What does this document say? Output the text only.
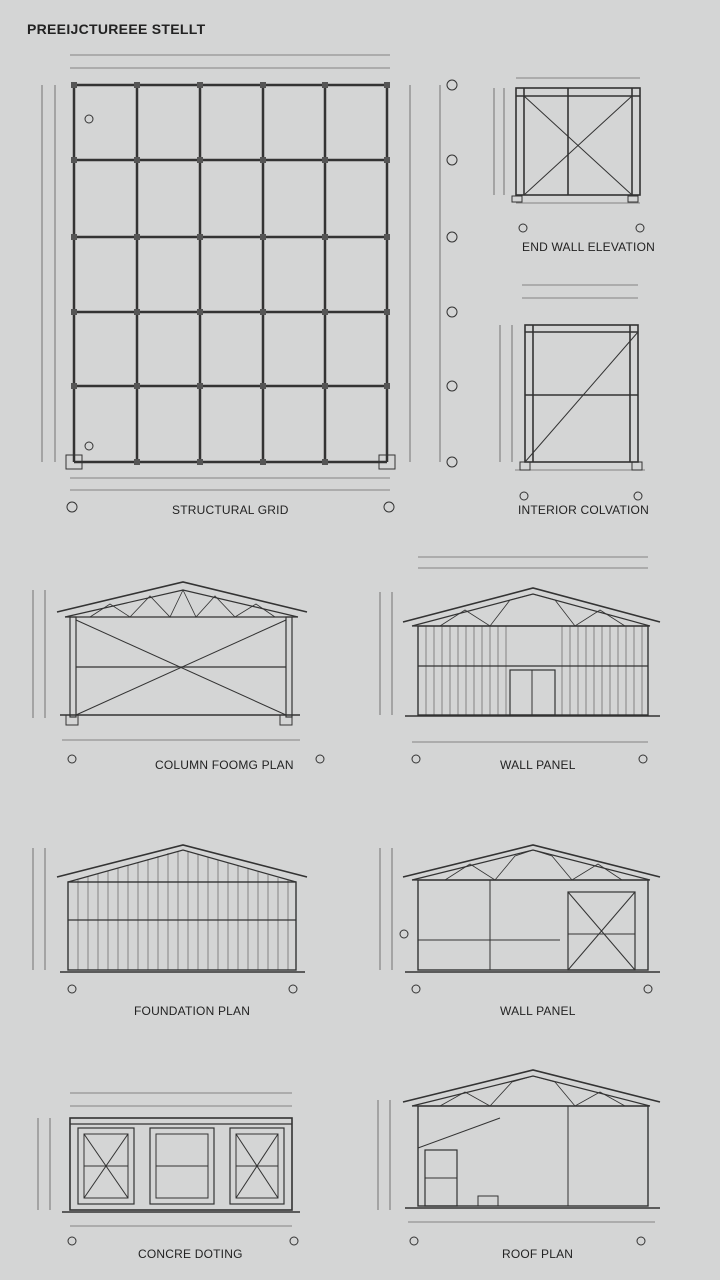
PREEIJCTUREEE STELLT
STRUCTURAL GRID
END WALL ELEVATION
INTERIOR COLVATION
COLUMN FOOMG PLAN	WALL PANEL
FOUNDATION PLAN	WALL PANEL
CONCRE DOTING	ROOF PLAN
